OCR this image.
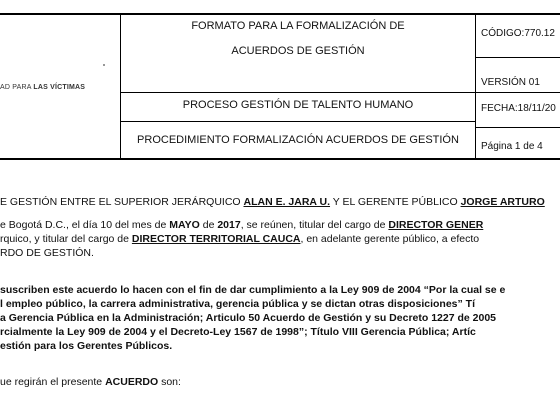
AD PARA LAS VÍCTIMAS
FORMATO PARA LA FORMALIZACIÓN DE
ACUERDOS DE GESTIÓN
PROCESO GESTIÓN DE TALENTO HUMANO
PROCEDIMIENTO FORMALIZACIÓN ACUERDOS DE GESTIÓN
CÓDIGO:770.12
VERSIÓN 01
FECHA:18/11/20
Página 1 de 4
E GESTIÓN ENTRE EL SUPERIOR JERÁRQUICO ALAN E. JARA U. Y EL GERENTE PÚBLICO JORGE ARTURO
e Bogotá D.C., el día 10 del mes de MAYO de 2017, se reúnen, titular del cargo de DIRECTOR GENER
rquico, y titular del cargo de DIRECTOR TERRITORIAL CAUCA, en adelante gerente público, a efecto
RDO DE GESTIÓN.
suscriben este acuerdo lo hacen con el fin de dar cumplimiento a la Ley 909 de 2004 “Por la cual se e
l empleo público, la carrera administrativa, gerencia pública y se dictan otras disposiciones” Tí
a Gerencia Pública en la Administración; Articulo 50 Acuerdo de Gestión y su Decreto 1227 de 2005
rcialmente la Ley 909 de 2004 y el Decreto-Ley 1567 de 1998”; Título VIII Gerencia Pública; Artíc
estión para los Gerentes Públicos.
ue regirán el presente ACUERDO son:
